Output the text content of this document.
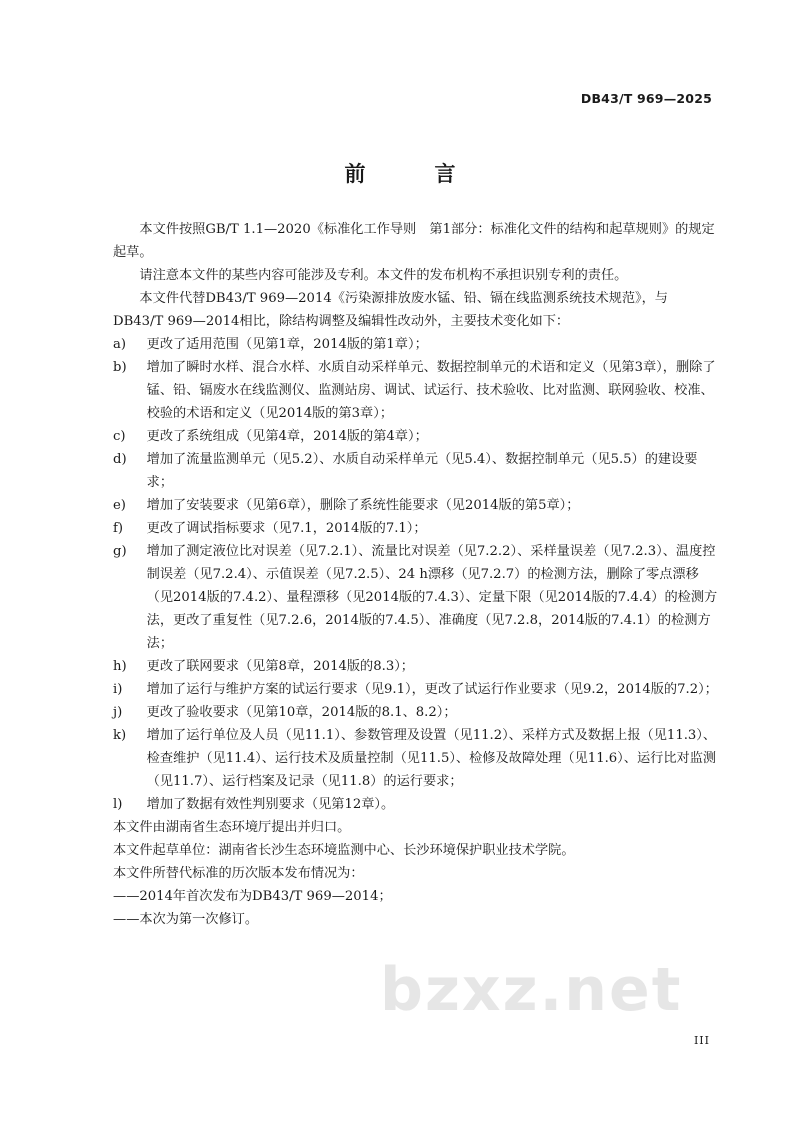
DB43/T 969—2025
前　言

本文件按照GB/T 1.1—2020《标准化工作导则　第1部分：标准化文件的结构和起草规则》的规定起草。

请注意本文件的某些内容可能涉及专利。本文件的发布机构不承担识别专利的责任。

本文件代替DB43/T 969—2014《污染源排放废水锰、铅、镉在线监测系统技术规范》，与DB43/T 969—2014相比，除结构调整及编辑性改动外，主要技术变化如下：

a) 更改了适用范围（见第1章，2014版的第1章）；

b) 增加了瞬时水样、混合水样、水质自动采样单元、数据控制单元的术语和定义（见第3章），删除了锰、铅、镉废水在线监测仪、监测站房、调试、试运行、技术验收、比对监测、联网验收、校准、校验的术语和定义（见2014版的第3章）；

c) 更改了系统组成（见第4章，2014版的第4章）；

d) 增加了流量监测单元（见5.2）、水质自动采样单元（见5.4）、数据控制单元（见5.5）的建设要求；

e) 增加了安装要求（见第6章），删除了系统性能要求（见2014版的第5章）；

f) 更改了调试指标要求（见7.1，2014版的7.1）；

g) 增加了测定液位比对误差（见7.2.1）、流量比对误差（见7.2.2）、采样量误差（见7.2.3）、温度控制误差（见7.2.4）、示值误差（见7.2.5）、24 h漂移（见7.2.7）的检测方法，删除了零点漂移（见2014版的7.4.2）、量程漂移（见2014版的7.4.3）、定量下限（见2014版的7.4.4）的检测方法，更改了重复性（见7.2.6，2014版的7.4.5）、准确度（见7.2.8，2014版的7.4.1）的检测方法；

h) 更改了联网要求（见第8章，2014版的8.3）；

i) 增加了运行与维护方案的试运行要求（见9.1），更改了试运行作业要求（见9.2，2014版的7.2）；

j) 更改了验收要求（见第10章，2014版的8.1、8.2）；

k) 增加了运行单位及人员（见11.1）、参数管理及设置（见11.2）、采样方式及数据上报（见11.3）、检查维护（见11.4）、运行技术及质量控制（见11.5）、检修及故障处理（见11.6）、运行比对监测（见11.7）、运行档案及记录（见11.8）的运行要求；

l) 增加了数据有效性判别要求（见第12章）。

本文件由湖南省生态环境厅提出并归口。

本文件起草单位：湖南省长沙生态环境监测中心、长沙环境保护职业技术学院。

本文件所替代标准的历次版本发布情况为：

——2014年首次发布为DB43/T 969—2014；

——本次为第一次修订。

bzxz.net
III
